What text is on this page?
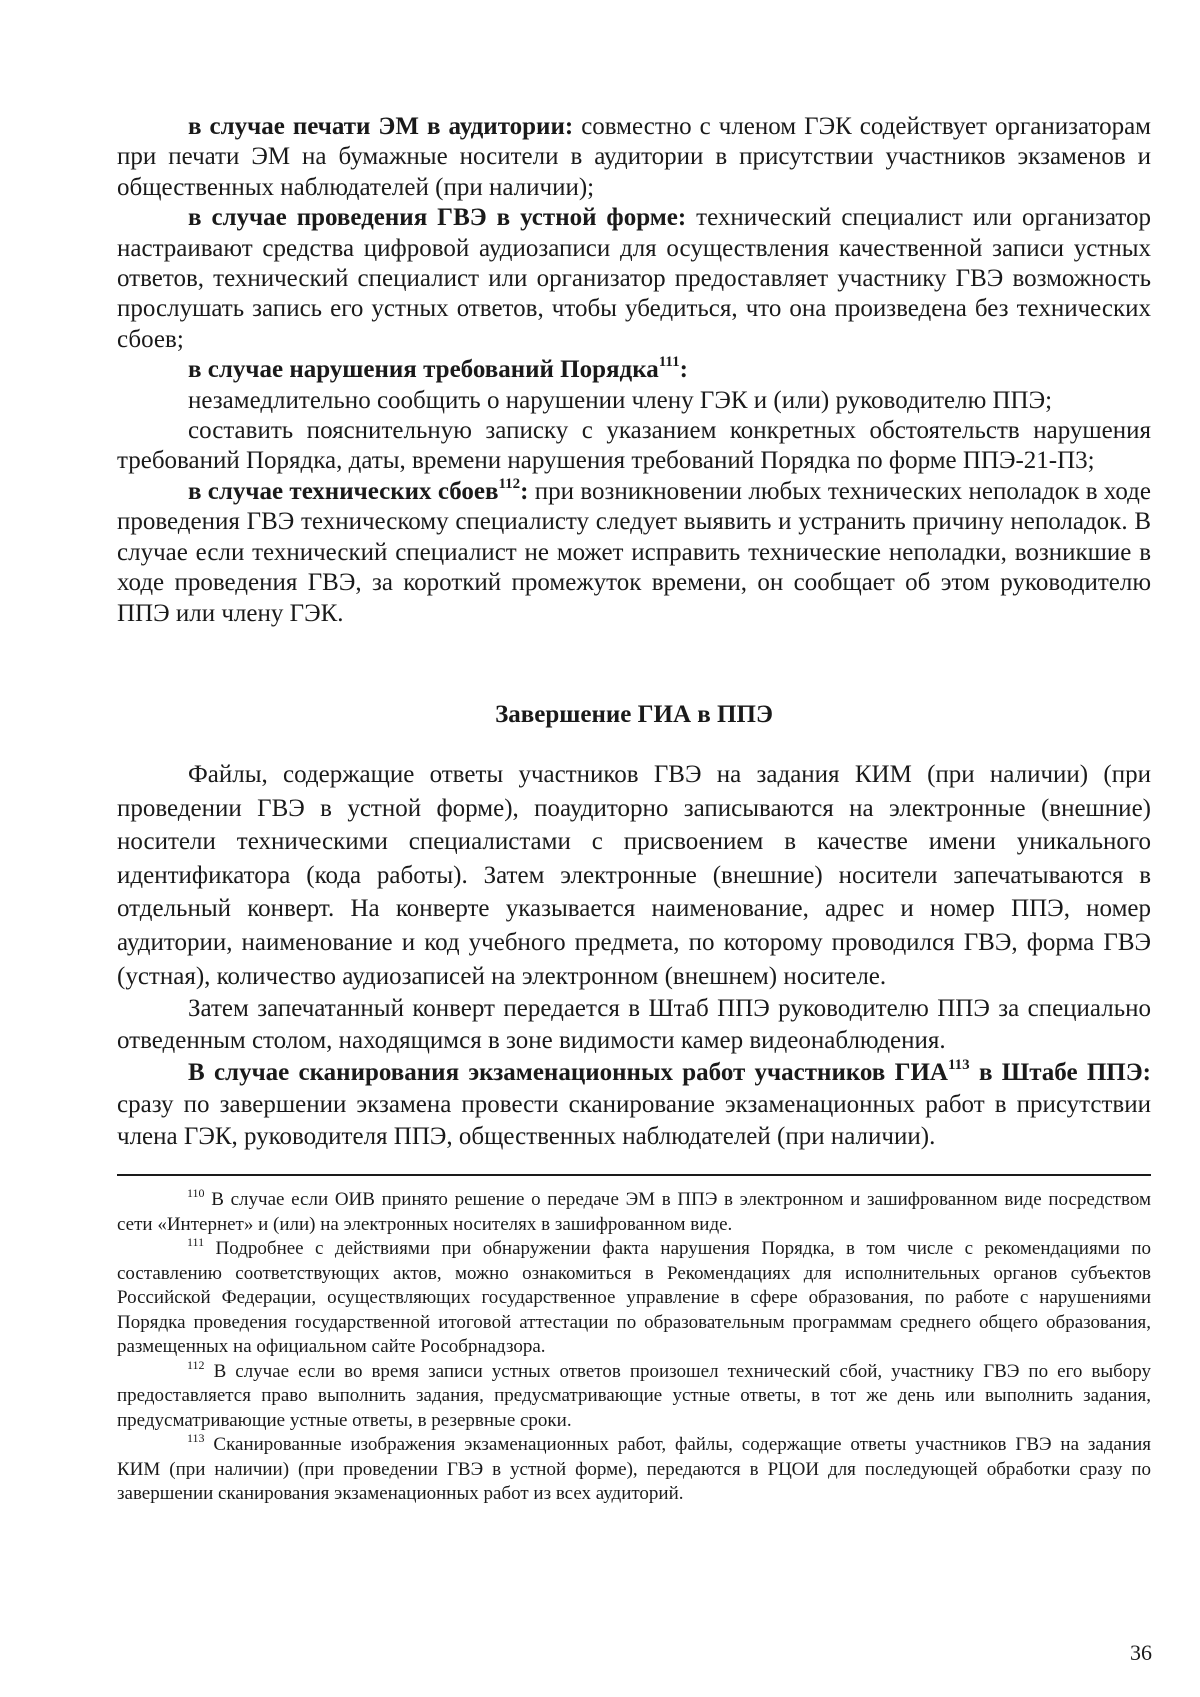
в случае печати ЭМ в аудитории: совместно с членом ГЭК содействует организаторам при печати ЭМ на бумажные носители в аудитории в присутствии участников экзаменов и общественных наблюдателей (при наличии);

в случае проведения ГВЭ в устной форме: технический специалист или организатор настраивают средства цифровой аудиозаписи для осуществления качественной записи устных ответов, технический специалист или организатор предоставляет участнику ГВЭ возможность прослушать запись его устных ответов, чтобы убедиться, что она произведена без технических сбоев;

в случае нарушения требований Порядка$^{111}$:

незамедлительно сообщить о нарушении члену ГЭК и (или) руководителю ППЭ;

составить пояснительную записку с указанием конкретных обстоятельств нарушения требований Порядка, даты, времени нарушения требований Порядка по форме ППЭ-21-П3;

в случае технических сбоев$^{112}$: при возникновении любых технических неполадок в ходе проведения ГВЭ техническому специалисту следует выявить и устранить причину неполадок. В случае если технический специалист не может исправить технические неполадки, возникшие в ходе проведения ГВЭ, за короткий промежуток времени, он сообщает об этом руководителю ППЭ или члену ГЭК.

Завершение ГИА в ППЭ

Файлы, содержащие ответы участников ГВЭ на задания КИМ (при наличии) (при проведении ГВЭ в устной форме), поаудиторно записываются на электронные (внешние) носители техническими специалистами с присвоением в качестве имени уникального идентификатора (кода работы). Затем электронные (внешние) носители запечатываются в отдельный конверт. На конверте указывается наименование, адрес и номер ППЭ, номер аудитории, наименование и код учебного предмета, по которому проводился ГВЭ, форма ГВЭ (устная), количество аудиозаписей на электронном (внешнем) носителе.

Затем запечатанный конверт передается в Штаб ППЭ руководителю ППЭ за специально отведенным столом, находящимся в зоне видимости камер видеонаблюдения.

В случае сканирования экзаменационных работ участников ГИА$^{113}$ в Штабе ППЭ: сразу по завершении экзамена провести сканирование экзаменационных работ в присутствии члена ГЭК, руководителя ППЭ, общественных наблюдателей (при наличии).

$^{110}$ В случае если ОИВ принято решение о передаче ЭМ в ППЭ в электронном и зашифрованном виде посредством сети «Интернет» и (или) на электронных носителях в зашифрованном виде.

$^{111}$ Подробнее с действиями при обнаружении факта нарушения Порядка, в том числе с рекомендациями по составлению соответствующих актов, можно ознакомиться в Рекомендациях для исполнительных органов субъектов Российской Федерации, осуществляющих государственное управление в сфере образования, по работе с нарушениями Порядка проведения государственной итоговой аттестации по образовательным программам среднего общего образования, размещенных на официальном сайте Рособрнадзора.

$^{112}$ В случае если во время записи устных ответов произошел технический сбой, участнику ГВЭ по его выбору предоставляется право выполнить задания, предусматривающие устные ответы, в тот же день или выполнить задания, предусматривающие устные ответы, в резервные сроки.

$^{113}$ Сканированные изображения экзаменационных работ, файлы, содержащие ответы участников ГВЭ на задания КИМ (при наличии) (при проведении ГВЭ в устной форме), передаются в РЦОИ для последующей обработки сразу по завершении сканирования экзаменационных работ из всех аудиторий.

36
